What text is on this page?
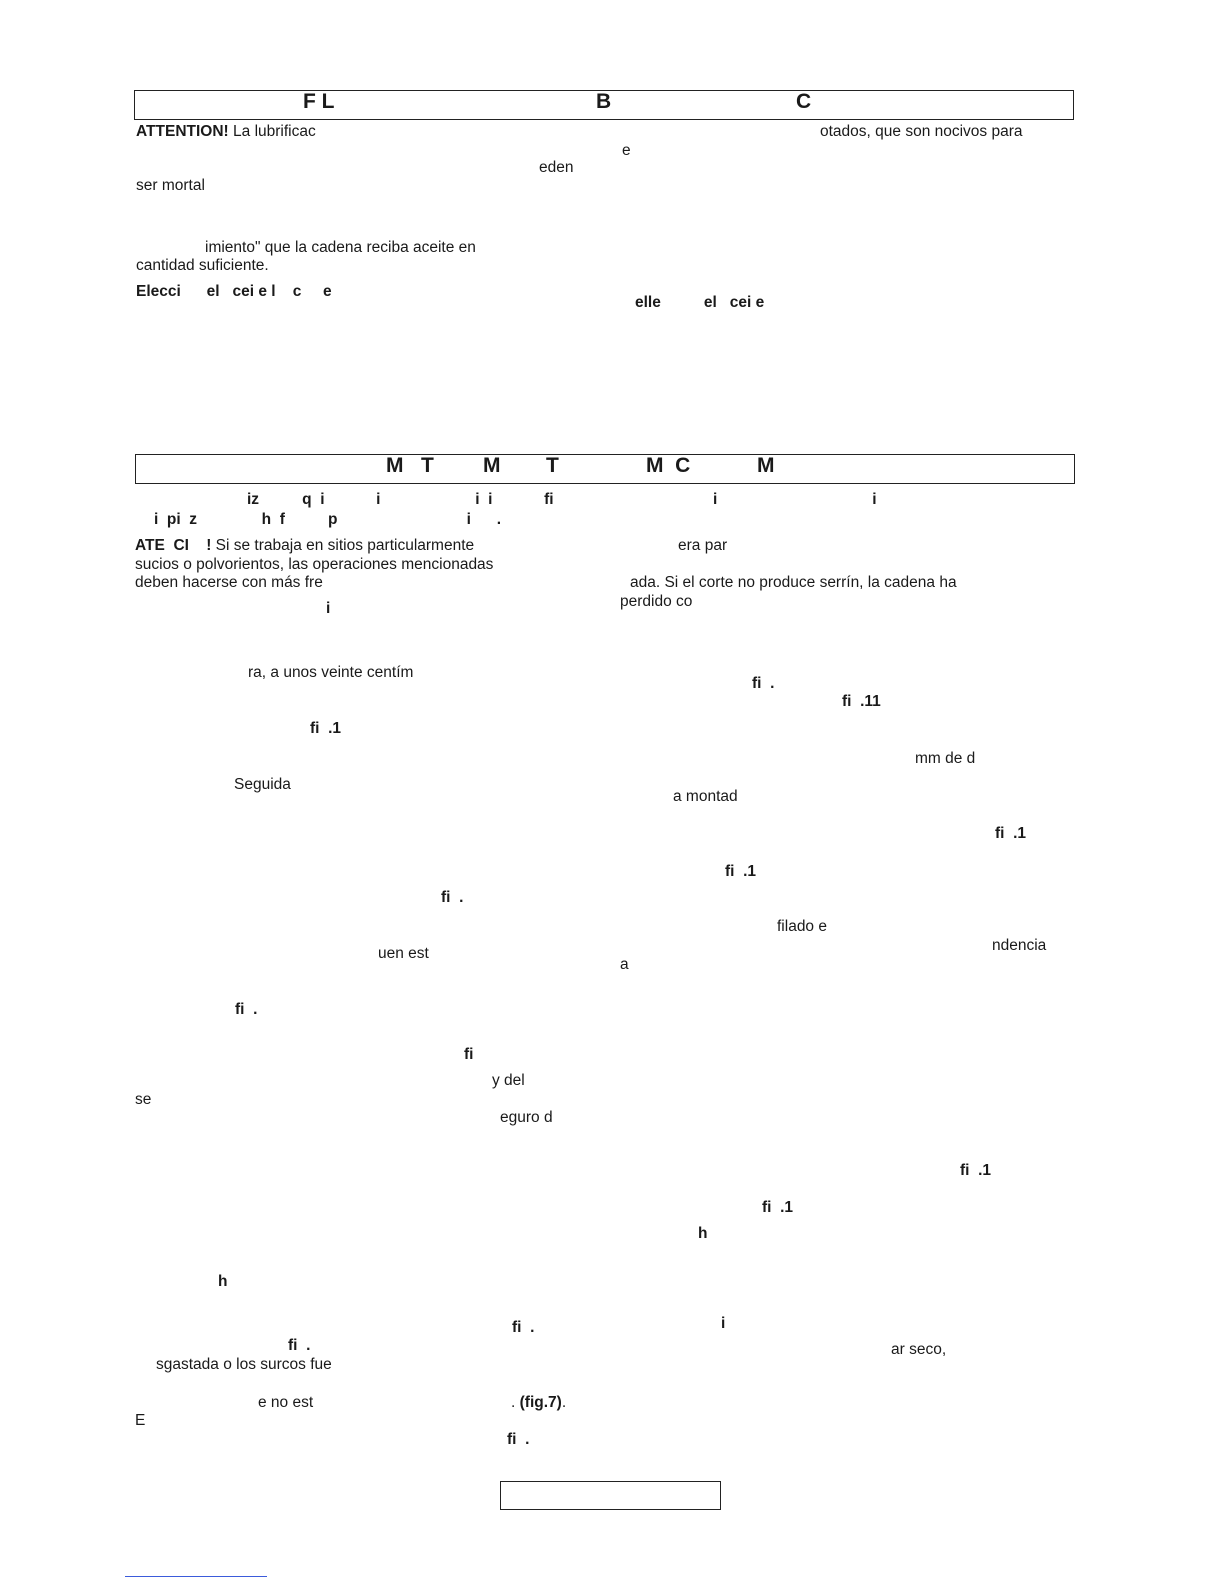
F L	B	C
ATTENTION! La lubrificac	otados, que son nocivos para
e
eden
ser mortal
imiento" que la cadena reciba aceite en
cantidad suficiente.
Elecci      el   cei e l    c     e
elle          el   cei e
M   T M T	M  C	M
iz          q  i            i                      i  i            fi                                     i                                    i
i  pi  z               h  f          p                              i      .
ATE  CI    ! Si se trabaja en sitios particularmente
sucios o polvorientos, las operaciones mencionadas
deben hacerse con más fre
i
ra, a unos veinte centím
fi  .1
Seguida
fi  .
uen est
fi  .
fi
y del
se
eguro d
h
fi  .
fi  .
sgastada o los surcos fue
e no est	. (fig.7).
E
fi  .
era par
ada. Si el corte no produce serrín, la cadena ha
perdido co
fi  .
fi  .11
mm de d
a montad
fi  .1
fi  .1
filado e
ndencia
a
fi  .1
fi  .1
h
i
ar seco,
